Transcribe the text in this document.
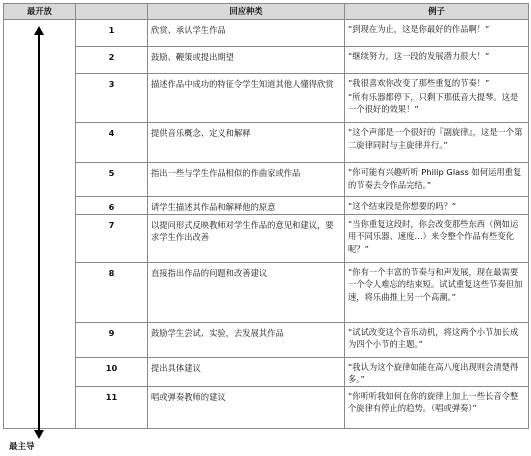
最开放		回应种类	例子
	1	欣赏、承认学生作品	“到现在为止，这是你最好的作品啊！”

	2	鼓励、鞭策或提出期望	“继续努力，这一段的发展潜力很大！”

	3	描述作品中成功的特征令学生知道其他人懂得欣赏	“我很喜欢你改变了那些重复的节奏！”
“所有乐器都停下，只剩下那低音大提琴。这是一个很好的效果！”

	4	提供音乐概念、定义和解释	“这个声部是一个很好的『副旋律』，这是一个第二旋律同时与主旋律并行。”

	5	指出一些与学生作品相似的作曲家或作品	“你可能有兴趣听听 Philip Glass 如何运用重复的节奏去令作品完结。”

	6	请学生描述其作品和解释他的原意	“这个结束段是你想要的吗？”

	7	以提问形式反映教师对学生作品的意见和建议，要求学生作出改善	“当你重复这段时，你会改变那些东西（例如运用不同乐器、速度…）来令整个作品有些变化呢？”

	8	直接指出作品的问题和改善建议	“你有一个丰富的节奏与和声发展，现在最需要一个令人难忘的结束短。试试重复这些节奏但加速，将乐曲推上另一个高潮。”

	9	鼓励学生尝试、实验，去发展其作品	“试试改变这个音乐动机，将这两个小节加长成为四个小节的主题。”

	10	提出具体建议	“我认为这个旋律如能在高八度出现则会清楚得多。”

	11	唱或弹奏教师的建议	“你听听我如何在你的旋律上加上一些长音令整个旋律有停止的趋势。（唱或弹奏）”
最主导
